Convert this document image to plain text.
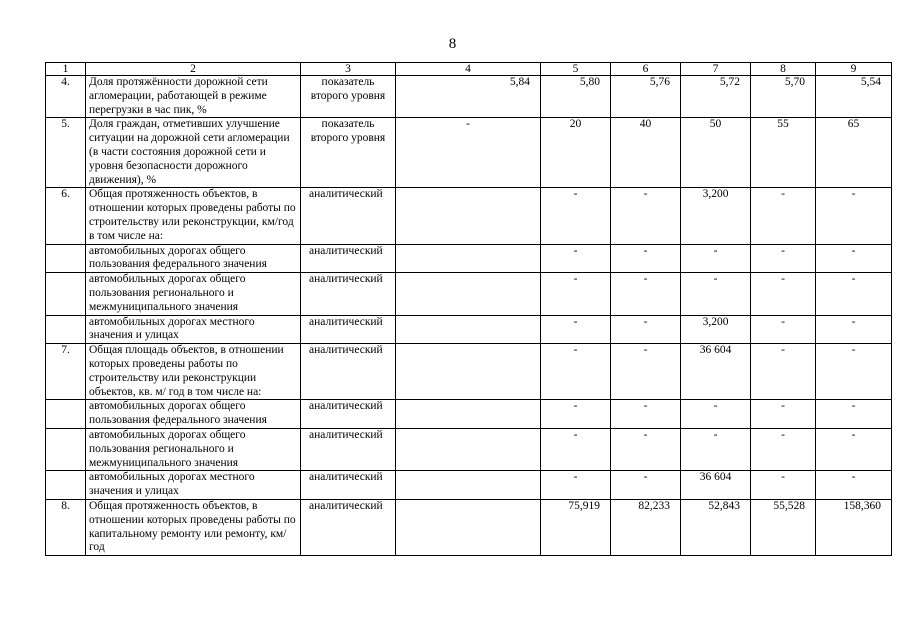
8
1	2	3	4	5	6	7	8	9
4.	Доля протяжённости дорожной сети агломерации, работающей в режиме перегрузки в час пик, %	показатель второго уровня	5,84	5,80	5,76	5,72	5,70	5,54
5.	Доля граждан, отметивших улучшение ситуации на дорожной сети агломерации (в части состояния дорожной сети и уровня безопасности дорожного движения), %	показатель второго уровня	-	20	40	50	55	65
6.	Общая протяженность объектов, в отношении которых проведены работы по строительству или реконструкции, км/год в том числе на:	аналитический		-	-	3,200	-	-
	автомобильных дорогах общего пользования федерального значения	аналитический		-	-	-	-	-
	автомобильных дорогах общего пользования регионального и межмуниципального значения	аналитический		-	-	-	-	-
	автомобильных дорогах местного значения и улицах	аналитический		-	-	3,200	-	-
7.	Общая площадь объектов, в отношении которых проведены работы по строительству или реконструкции объектов, кв. м/ год в том числе на:	аналитический		-	-	36 604	-	-
	автомобильных дорогах общего пользования федерального значения	аналитический		-	-	-	-	-
	автомобильных дорогах общего пользования регионального и межмуниципального значения	аналитический		-	-	-	-	-
	автомобильных дорогах местного значения и улицах	аналитический		-	-	36 604	-	-
8.	Общая протяженность объектов, в отношении которых проведены работы по капитальному ремонту или ремонту, км/год	аналитический		75,919	82,233	52,843	55,528	158,360
